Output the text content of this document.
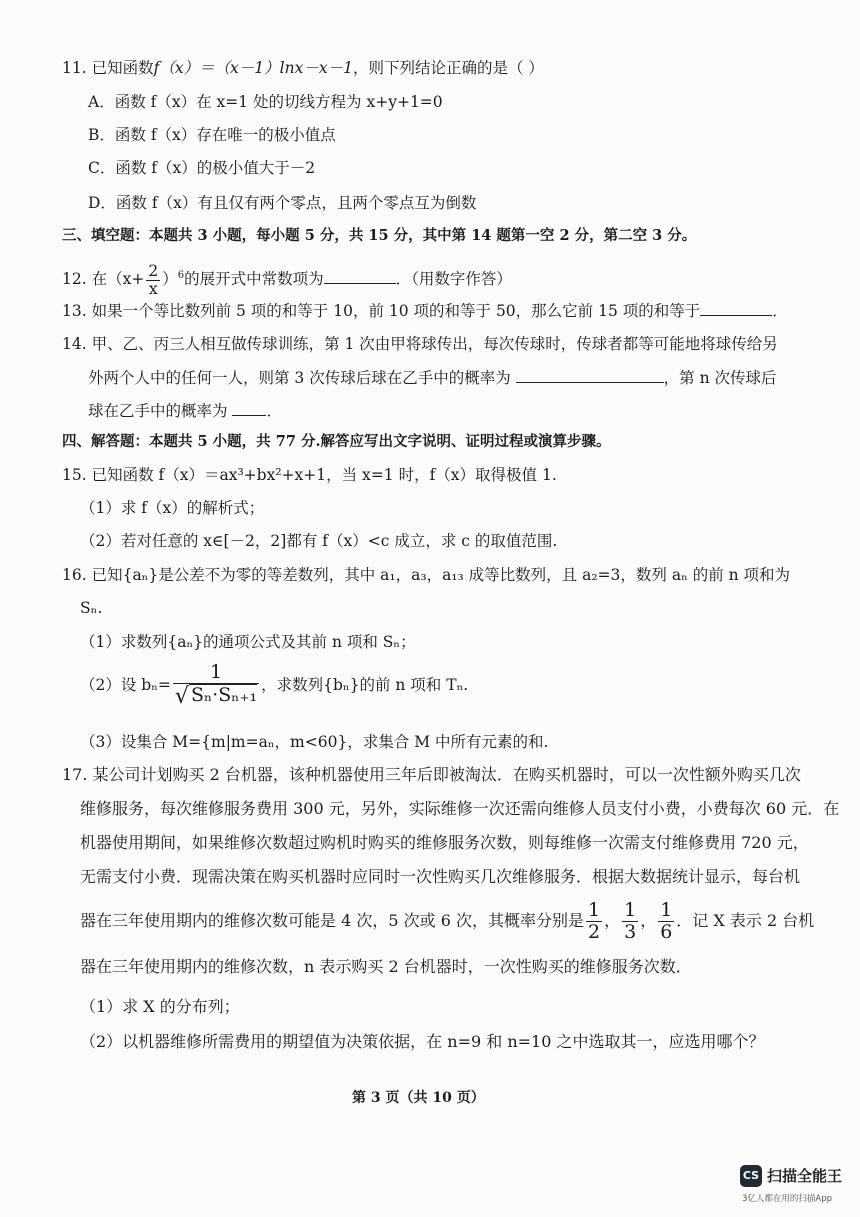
11. 已知函数f（x）＝（x－1）lnx－x－1，则下列结论正确的是（ ）
A．函数 f（x）在 x=1 处的切线方程为 x+y+1=0
B．函数 f（x）存在唯一的极小值点
C．函数 f（x）的极小值大于－2
D．函数 f（x）有且仅有两个零点，且两个零点互为倒数
三、填空题：本题共 3 小题，每小题 5 分，共 15 分，其中第 14 题第一空 2 分，第二空 3 分。
12. 在$(x+ \frac{2}{x} )^6$的展开式中常数项为	．（用数字作答）
13. 如果一个等比数列前 5 项的和等于 10，前 10 项的和等于 50，那么它前 15 项的和等于	．
14. 甲、乙、丙三人相互做传球训练，第 1 次由甲将球传出，每次传球时，传球者都等可能地将球传给另
外两个人中的任何一人，则第 3 次传球后球在乙手中的概率为	，第 n 次传球后
球在乙手中的概率为	．
四、解答题：本题共 5 小题，共 77 分.解答应写出文字说明、证明过程或演算步骤。
15. 已知函数 f（x）＝ax³+bx²+x+1，当 x=1 时，f（x）取得极值 1.
（1）求 f（x）的解析式；
（2）若对任意的 x∈[－2，2]都有 f（x）<c 成立，求 c 的取值范围.
16. 已知{aₙ}是公差不为零的等差数列，其中 a₁，a₃，a₁₃ 成等比数列，且 a₂=3，数列 aₙ 的前 n 项和为
Sₙ.
（1）求数列{aₙ}的通项公式及其前 n 项和 Sₙ；
（2）设 $b_n= \frac{1}{\text{√ Sₙ·Sₙ₊₁}}$ ，求数列{bₙ}的前 n 项和 Tₙ.
（3）设集合 M={m|m=aₙ，m<60}，求集合 M 中所有元素的和.
17. 某公司计划购买 2 台机器，该种机器使用三年后即被淘汰．在购买机器时，可以一次性额外购买几次
维修服务，每次维修服务费用 300 元，另外，实际维修一次还需向维修人员支付小费，小费每次 60 元．在
机器使用期间，如果维修次数超过购机时购买的维修服务次数，则每维修一次需支付维修费用 720 元，
无需支付小费．现需决策在购买机器时应同时一次性购买几次维修服务．根据大数据统计显示，每台机
器在三年使用期内的维修次数可能是 4 次，5 次或 6 次，其概率分别是 $\frac{1}{2}$ ， $\frac{1}{3}$ ， $\frac{1}{6}$ ．记 X 表示 2 台机
器在三年使用期内的维修次数，n 表示购买 2 台机器时，一次性购买的维修服务次数．
（1）求 X 的分布列；
（2）以机器维修所需费用的期望值为决策依据，在 n=9 和 n=10 之中选取其一，应选用哪个？
第 3 页（共 10 页）
CS 扫描全能王
3亿人都在用的扫描App
